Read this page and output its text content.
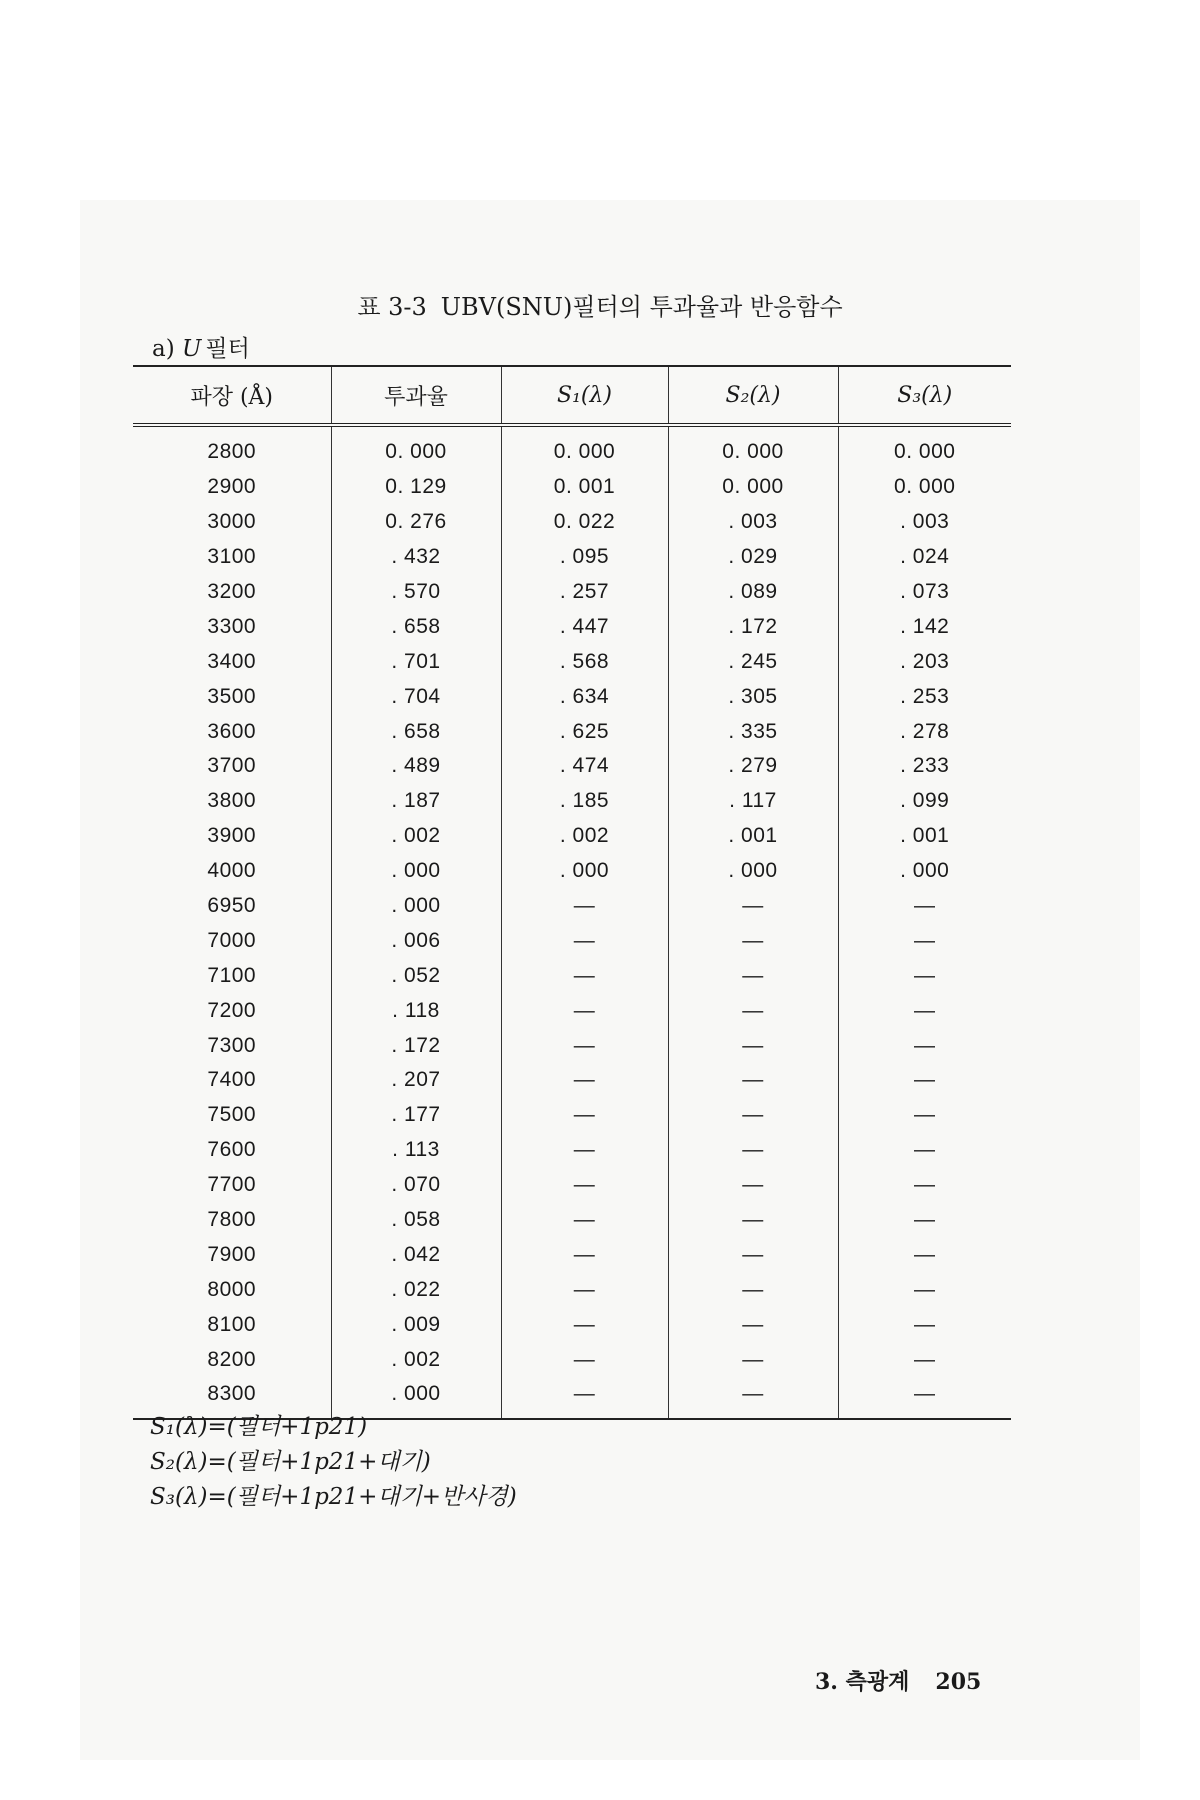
표 3-3 UBV(SNU)필터의 투과율과 반응함수
a) U 필터
파장 (Å)	투과율	S₁(λ)	S₂(λ)	S₃(λ)
2800	0. 000	0. 000	0. 000	0. 000
2900	0. 129	0. 001	0. 000	0. 000
3000	0. 276	0. 022	. 003	. 003
3100	. 432	. 095	. 029	. 024
3200	. 570	. 257	. 089	. 073
3300	. 658	. 447	. 172	. 142
3400	. 701	. 568	. 245	. 203
3500	. 704	. 634	. 305	. 253
3600	. 658	. 625	. 335	. 278
3700	. 489	. 474	. 279	. 233
3800	. 187	. 185	. 117	. 099
3900	. 002	. 002	. 001	. 001
4000	. 000	. 000	. 000	. 000
6950	. 000	—	—	—
7000	. 006	—	—	—
7100	. 052	—	—	—
7200	. 118	—	—	—
7300	. 172	—	—	—
7400	. 207	—	—	—
7500	. 177	—	—	—
7600	. 113	—	—	—
7700	. 070	—	—	—
7800	. 058	—	—	—
7900	. 042	—	—	—
8000	. 022	—	—	—
8100	. 009	—	—	—
8200	. 002	—	—	—
8300	. 000	—	—	—
S₁(λ)=(필터+1p21)
S₂(λ)=(필터+1p21+대기)
S₃(λ)=(필터+1p21+대기+반사경)
3. 측광계 205
